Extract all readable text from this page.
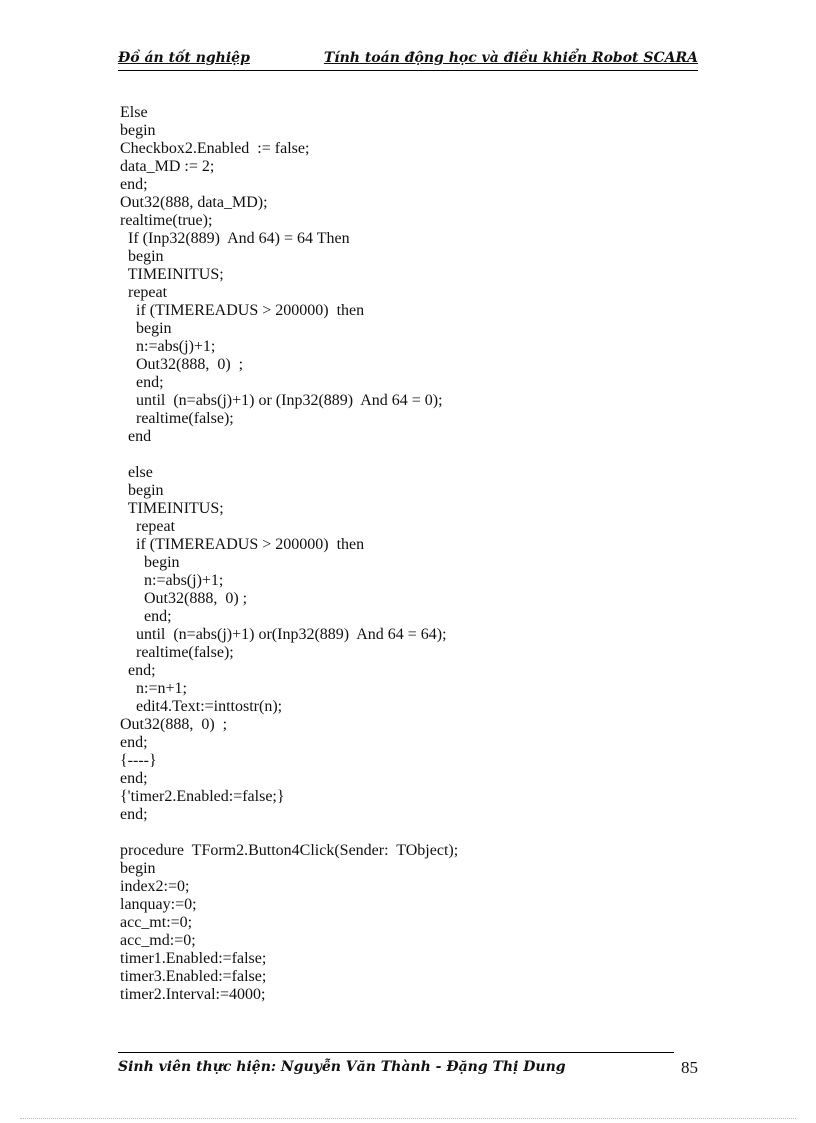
Đồ án tốt nghiệp	Tính toán động học và điều khiển Robot SCARA
Else
begin
Checkbox2.Enabled  := false;
data_MD := 2;
end;
Out32(888, data_MD);
realtime(true);
If (Inp32(889)  And 64) = 64 Then
begin
TIMEINITUS;
repeat
if (TIMEREADUS > 200000)  then
begin
n:=abs(j)+1;
Out32(888,  0)  ;
end;
until  (n=abs(j)+1) or (Inp32(889)  And 64 = 0);
realtime(false);
end
else
begin
TIMEINITUS;
repeat
if (TIMEREADUS > 200000)  then
begin
n:=abs(j)+1;
Out32(888,  0) ;
end;
until  (n=abs(j)+1) or(Inp32(889)  And 64 = 64);
realtime(false);
end;
n:=n+1;
edit4.Text:=inttostr(n);
Out32(888,  0)  ;
end;
{----}
end;
{'timer2.Enabled:=false;}
end;
procedure  TForm2.Button4Click(Sender:  TObject);
begin
index2:=0;
lanquay:=0;
acc_mt:=0;
acc_md:=0;
timer1.Enabled:=false;
timer3.Enabled:=false;
timer2.Interval:=4000;
Sinh viên thực hiện: Nguyễn Văn Thành - Đặng Thị Dung	85
